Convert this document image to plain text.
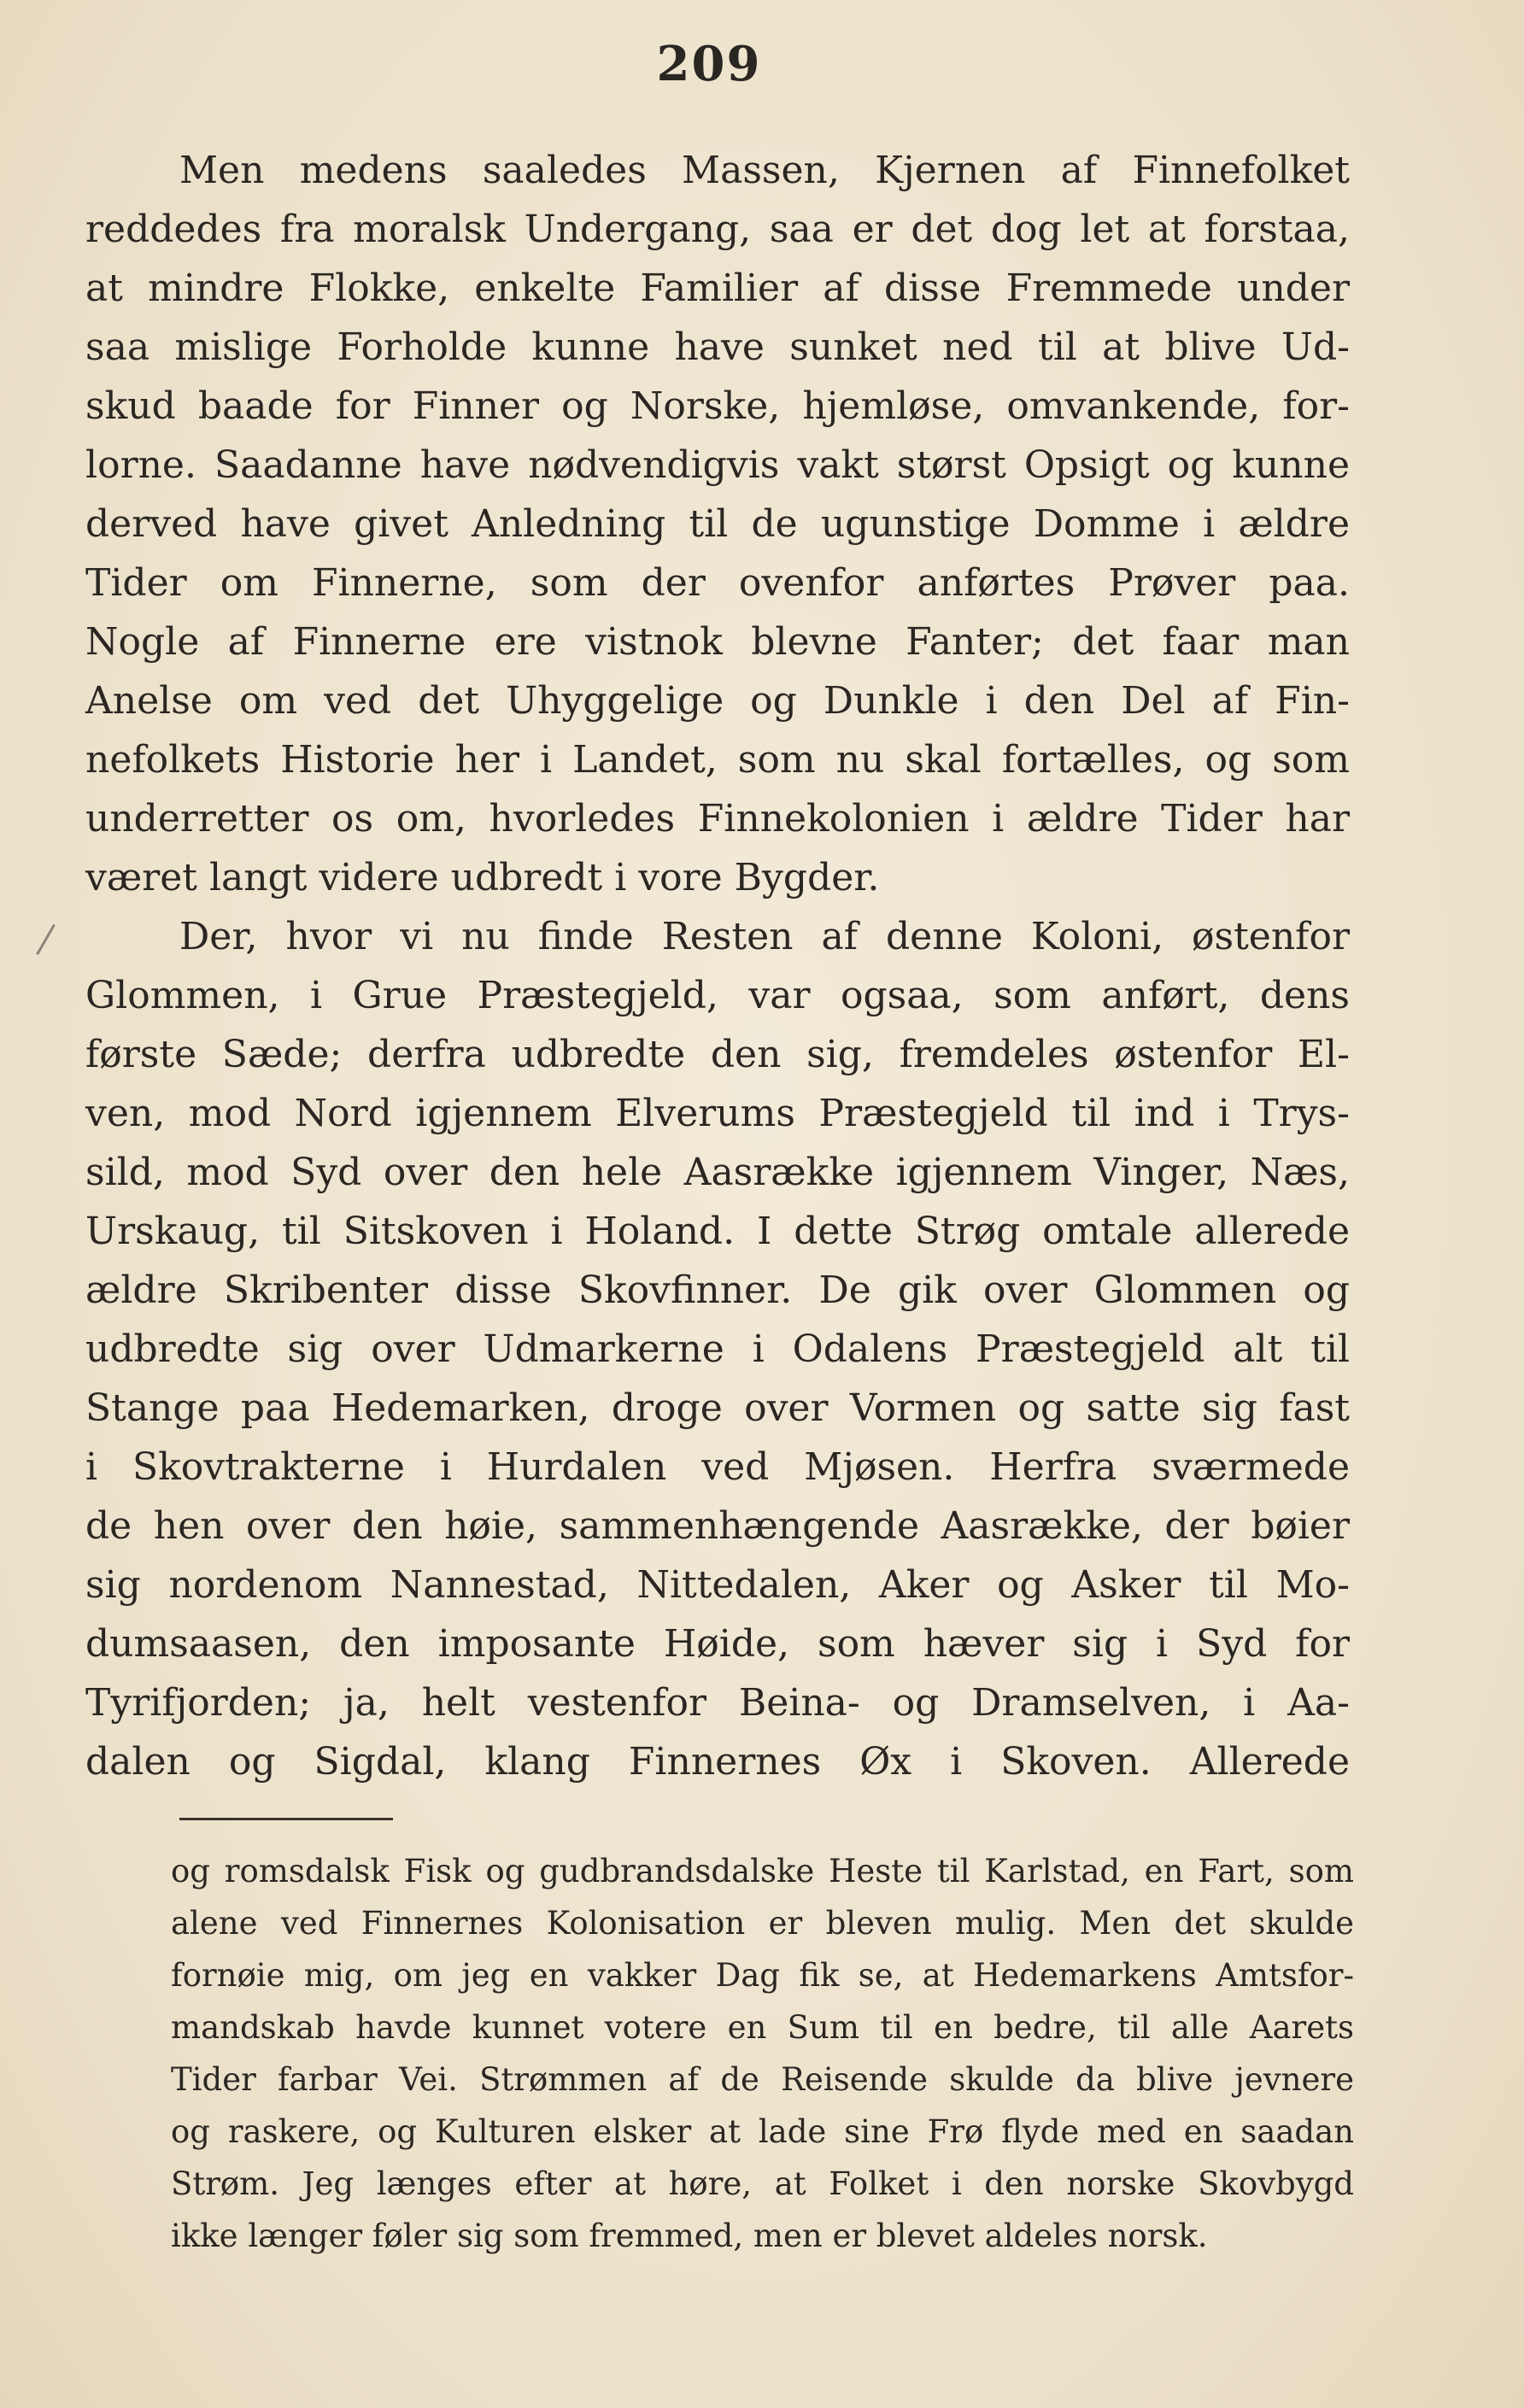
209
Men medens saaledes Massen, Kjernen af Finnefolket
reddedes fra moralsk Undergang, saa er det dog let at forstaa,
at mindre Flokke, enkelte Familier af disse Fremmede under
saa mislige Forholde kunne have sunket ned til at blive Ud-
skud baade for Finner og Norske, hjemløse, omvankende, for-
lorne. Saadanne have nødvendigvis vakt størst Opsigt og kunne
derved have givet Anledning til de ugunstige Domme i ældre
Tider om Finnerne, som der ovenfor anførtes Prøver paa.
Nogle af Finnerne ere vistnok blevne Fanter; det faar man
Anelse om ved det Uhyggelige og Dunkle i den Del af Fin-
nefolkets Historie her i Landet, som nu skal fortælles, og som
underretter os om, hvorledes Finnekolonien i ældre Tider har
været langt videre udbredt i vore Bygder.
Der, hvor vi nu finde Resten af denne Koloni, østenfor
Glommen, i Grue Præstegjeld, var ogsaa, som anført, dens
første Sæde; derfra udbredte den sig, fremdeles østenfor El-
ven, mod Nord igjennem Elverums Præstegjeld til ind i Trys-
sild, mod Syd over den hele Aasrække igjennem Vinger, Næs,
Urskaug, til Sitskoven i Holand. I dette Strøg omtale allerede
ældre Skribenter disse Skovfinner. De gik over Glommen og
udbredte sig over Udmarkerne i Odalens Præstegjeld alt til
Stange paa Hedemarken, droge over Vormen og satte sig fast
i Skovtrakterne i Hurdalen ved Mjøsen. Herfra sværmede
de hen over den høie, sammenhængende Aasrække, der bøier
sig nordenom Nannestad, Nittedalen, Aker og Asker til Mo-
dumsaasen, den imposante Høide, som hæver sig i Syd for
Tyrifjorden; ja, helt vestenfor Beina- og Dramselven, i Aa-
dalen og Sigdal, klang Finnernes Øx i Skoven. Allerede
og romsdalsk Fisk og gudbrandsdalske Heste til Karlstad, en Fart, som
alene ved Finnernes Kolonisation er bleven mulig. Men det skulde
fornøie mig, om jeg en vakker Dag fik se, at Hedemarkens Amtsfor-
mandskab havde kunnet votere en Sum til en bedre, til alle Aarets
Tider farbar Vei. Strømmen af de Reisende skulde da blive jevnere
og raskere, og Kulturen elsker at lade sine Frø flyde med en saadan
Strøm. Jeg længes efter at høre, at Folket i den norske Skovbygd
ikke længer føler sig som fremmed, men er blevet aldeles norsk.
